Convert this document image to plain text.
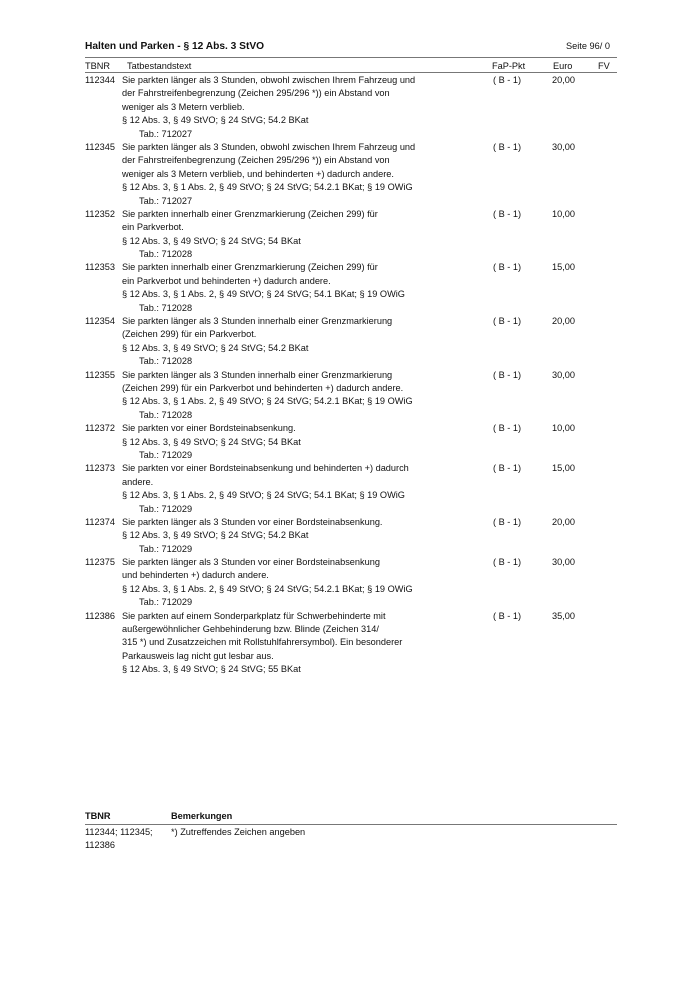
Halten und Parken - § 12 Abs. 3 StVO	Seite 96/ 0
TBNR Tatbestandstext	FaP-Pkt	Euro	FV
112344 Sie parkten länger als 3 Stunden, obwohl zwischen Ihrem Fahrzeug und
der Fahrstreifenbegrenzung (Zeichen 295/296 *)) ein Abstand von
weniger als 3 Metern verblieb.
§ 12 Abs. 3, § 49 StVO; § 24 StVG; 54.2 BKat
Tab.: 712027
( B - 1)	20,00
112345 Sie parkten länger als 3 Stunden, obwohl zwischen Ihrem Fahrzeug und
der Fahrstreifenbegrenzung (Zeichen 295/296 *)) ein Abstand von
weniger als 3 Metern verblieb, und behinderten +) dadurch andere.
§ 12 Abs. 3, § 1 Abs. 2, § 49 StVO; § 24 StVG; 54.2.1 BKat; § 19 OWiG
Tab.: 712027
( B - 1)	30,00
112352 Sie parkten innerhalb einer Grenzmarkierung (Zeichen 299) für
ein Parkverbot.
§ 12 Abs. 3, § 49 StVO; § 24 StVG; 54 BKat
Tab.: 712028
( B - 1)	10,00
112353 Sie parkten innerhalb einer Grenzmarkierung (Zeichen 299) für
ein Parkverbot und behinderten +) dadurch andere.
§ 12 Abs. 3, § 1 Abs. 2, § 49 StVO; § 24 StVG; 54.1 BKat; § 19 OWiG
Tab.: 712028
( B - 1)	15,00
112354 Sie parkten länger als 3 Stunden innerhalb einer Grenzmarkierung
(Zeichen 299) für ein Parkverbot.
§ 12 Abs. 3, § 49 StVO; § 24 StVG; 54.2 BKat
Tab.: 712028
( B - 1)	20,00
112355 Sie parkten länger als 3 Stunden innerhalb einer Grenzmarkierung
(Zeichen 299) für ein Parkverbot und behinderten +) dadurch andere.
§ 12 Abs. 3, § 1 Abs. 2, § 49 StVO; § 24 StVG; 54.2.1 BKat; § 19 OWiG
Tab.: 712028
( B - 1)	30,00
112372 Sie parkten vor einer Bordsteinabsenkung.
§ 12 Abs. 3, § 49 StVO; § 24 StVG; 54 BKat
Tab.: 712029
( B - 1)	10,00
112373 Sie parkten vor einer Bordsteinabsenkung und behinderten +) dadurch
andere.
§ 12 Abs. 3, § 1 Abs. 2, § 49 StVO; § 24 StVG; 54.1 BKat; § 19 OWiG
Tab.: 712029
( B - 1)	15,00
112374 Sie parkten länger als 3 Stunden vor einer Bordsteinabsenkung.
§ 12 Abs. 3, § 49 StVO; § 24 StVG; 54.2 BKat
Tab.: 712029
( B - 1)	20,00
112375 Sie parkten länger als 3 Stunden vor einer Bordsteinabsenkung
und behinderten +) dadurch andere.
§ 12 Abs. 3, § 1 Abs. 2, § 49 StVO; § 24 StVG; 54.2.1 BKat; § 19 OWiG
Tab.: 712029
( B - 1)	30,00
112386 Sie parkten auf einem Sonderparkplatz für Schwerbehinderte mit
außergewöhnlicher Gehbehinderung bzw. Blinde (Zeichen 314/
315 *) und Zusatzzeichen mit Rollstuhlfahrersymbol). Ein besonderer
Parkausweis lag nicht gut lesbar aus.
§ 12 Abs. 3, § 49 StVO; § 24 StVG; 55 BKat
( B - 1)	35,00
TBNR	Bemerkungen
112344; 112345;
112386
*) Zutreffendes Zeichen angeben
